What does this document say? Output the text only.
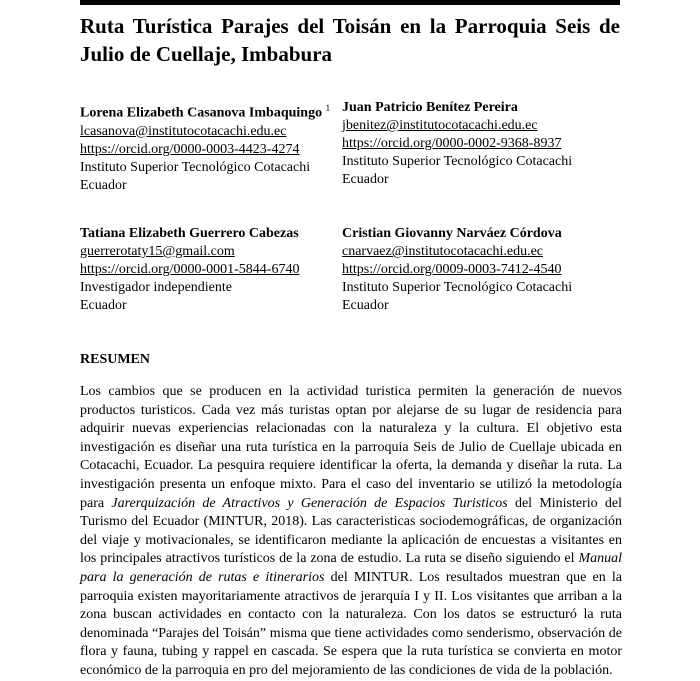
Ruta Turística Parajes del Toisán en la Parroquia Seis de Julio de Cuellaje, Imbabura
Lorena Elizabeth Casanova Imbaquingo $^1$
lcasanova@institutocotacachi.edu.ec
https://orcid.org/0000-0003-4423-4274
Instituto Superior Tecnológico Cotacachi
Ecuador
Juan Patricio Benítez Pereira
jbenitez@institutocotacachi.edu.ec
https://orcid.org/0000-0002-9368-8937
Instituto Superior Tecnológico Cotacachi
Ecuador
Tatiana Elizabeth Guerrero Cabezas
guerrerotaty15@gmail.com
https://orcid.org/0000-0001-5844-6740
Investigador independiente
Ecuador
Cristian Giovanny Narváez Córdova
cnarvaez@institutocotacachi.edu.ec
https://orcid.org/0009-0003-7412-4540
Instituto Superior Tecnológico Cotacachi
Ecuador
RESUMEN

Los cambios que se producen en la actividad turistica permiten la generación de nuevos productos turisticos. Cada vez más turistas optan por alejarse de su lugar de residencia para adquirir nuevas experiencias relacionadas con la naturaleza y la cultura. El objetivo esta investigación es diseñar una ruta turística en la parroquia Seis de Julio de Cuellaje ubicada en Cotacachi, Ecuador. La pesquira requiere identificar la oferta, la demanda y diseñar la ruta. La investigación presenta un enfoque mixto. Para el caso del inventario se utilizó la metodología para Jarerquización de Atractivos y Generación de Espacios Turisticos del Ministerio del Turismo del Ecuador (MINTUR, 2018). Las caracteristicas sociodemográficas, de organización del viaje y motivacionales, se identificaron mediante la aplicación de encuestas a visitantes en los principales atractivos turísticos de la zona de estudio. La ruta se diseño siguiendo el Manual para la generación de rutas e itinerarios del MINTUR. Los resultados muestran que en la parroquia existen mayoritariamente atractivos de jerarquía I y II. Los visitantes que arriban a la zona buscan actividades en contacto con la naturaleza. Con los datos se estructuró la ruta denominada “Parajes del Toisán” misma que tiene actividades como senderismo, observación de flora y fauna, tubing y rappel en cascada. Se espera que la ruta turística se convierta en motor económico de la parroquia en pro del mejoramiento de las condiciones de vida de la población.
